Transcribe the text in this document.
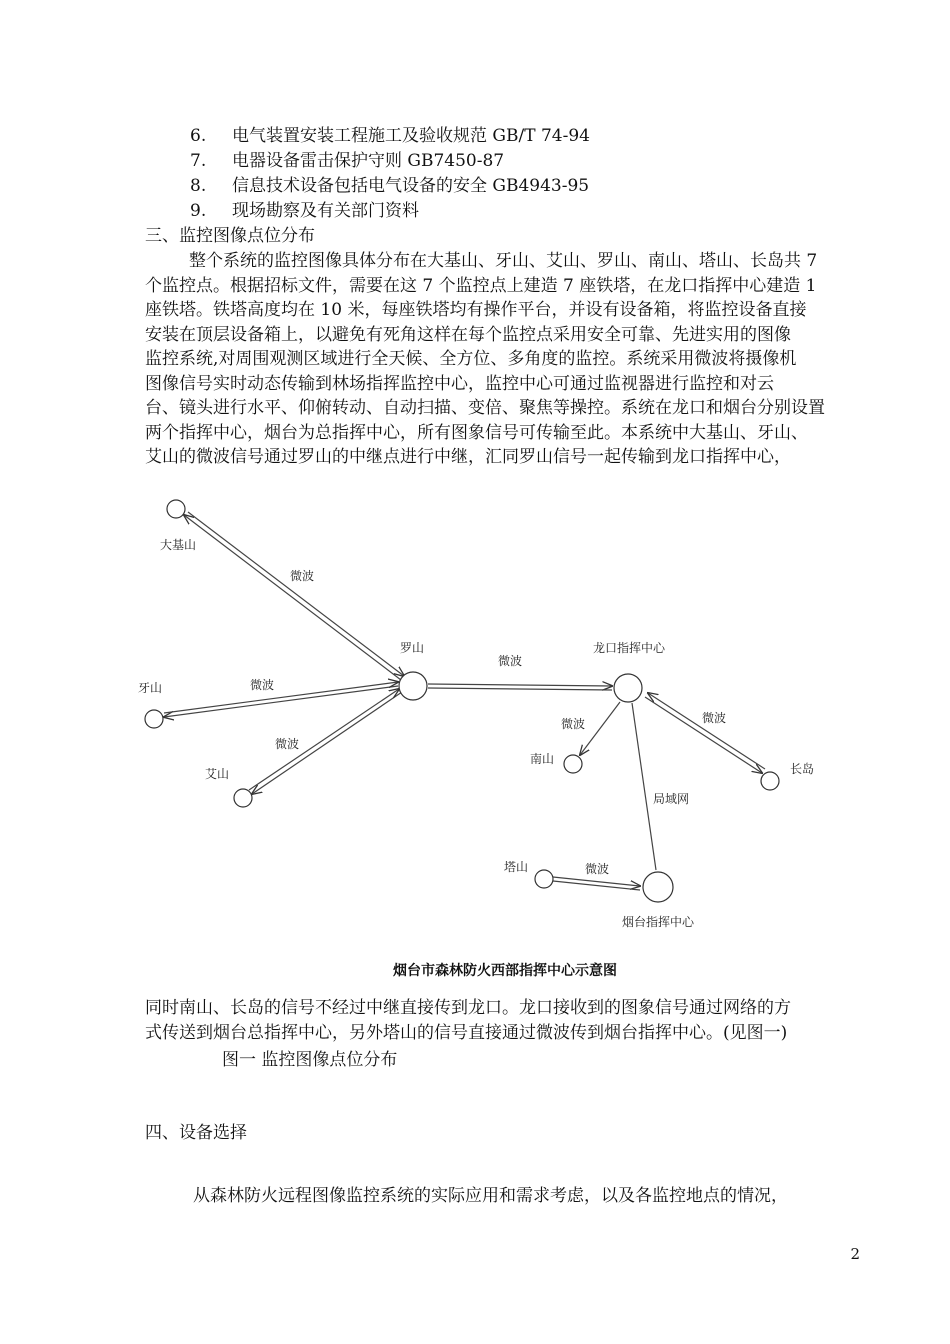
6. 电气装置安装工程施工及验收规范 GB/T 74-94
7. 电器设备雷击保护守则 GB7450-87
8. 信息技术设备包括电气设备的安全 GB4943-95
9. 现场勘察及有关部门资料
三、监控图像点位分布
整个系统的监控图像具体分布在大基山、牙山、艾山、罗山、南山、塔山、长岛共 7
个监控点。根据招标文件，需要在这 7 个监控点上建造 7 座铁塔，在龙口指挥中心建造 1
座铁塔。铁塔高度均在 10 米，每座铁塔均有操作平台，并设有设备箱，将监控设备直接
安装在顶层设备箱上，以避免有死角这样在每个监控点采用安全可靠、先进实用的图像
监控系统,对周围观测区域进行全天候、全方位、多角度的监控。系统采用微波将摄像机
图像信号实时动态传输到林场指挥监控中心，监控中心可通过监视器进行监控和对云
台、镜头进行水平、仰俯转动、自动扫描、变倍、聚焦等操控。系统在龙口和烟台分别设置
两个指挥中心，烟台为总指挥中心，所有图象信号可传输至此。本系统中大基山、牙山、
艾山的微波信号通过罗山的中继点进行中继，汇同罗山信号一起传输到龙口指挥中心，
大基山
牙山
艾山
罗山	龙口指挥中心
南山
长岛
塔山
烟台指挥中心
微波
微波
微波
微波
微波	微波
局域网
微波
烟台市森林防火西部指挥中心示意图
同时南山、长岛的信号不经过中继直接传到龙口。龙口接收到的图象信号通过网络的方
式传送到烟台总指挥中心，另外塔山的信号直接通过微波传到烟台指挥中心。(见图一)
图一 监控图像点位分布
四、设备选择
从森林防火远程图像监控系统的实际应用和需求考虑，以及各监控地点的情况，
2
